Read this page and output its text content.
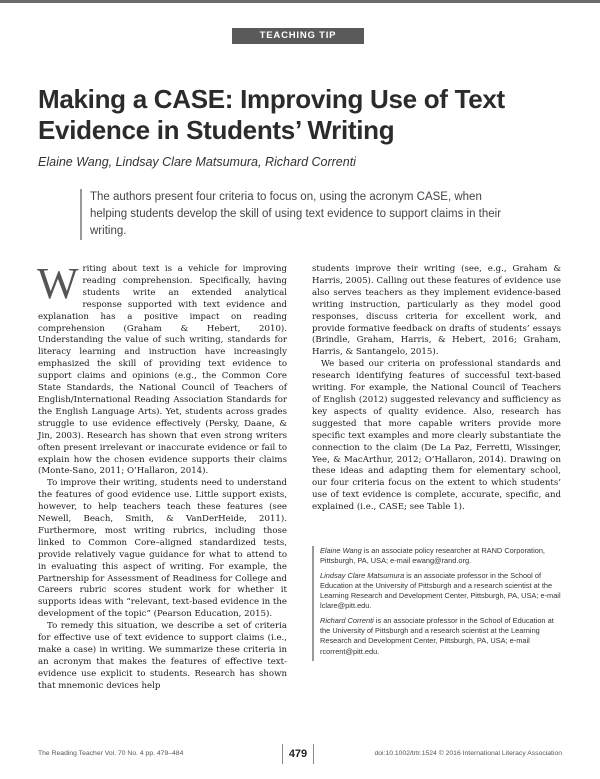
TEACHING TIP
Making a CASE: Improving Use of Text Evidence in Students’ Writing

Elaine Wang, Lindsay Clare Matsumura, Richard Correnti

The authors present four criteria to focus on, using the acronym CASE, when helping students develop the skill of using text evidence to support claims in their writing.

Writing about text is a vehicle for improving reading comprehension. Specifically, having students write an extended analytical response supported with text evidence and explanation has a positive impact on reading comprehension (Graham & Hebert, 2010). Understanding the value of such writing, standards for literacy learning and instruction have increasingly emphasized the skill of providing text evidence to support claims and opinions (e.g., the Common Core State Standards, the National Council of Teachers of English/International Reading Association Standards for the English Language Arts). Yet, students across grades struggle to use evidence effectively (Persky, Daane, & Jin, 2003). Research has shown that even strong writers often present irrelevant or inaccurate evidence or fail to explain how the chosen evidence supports their claims (Monte-Sano, 2011; O’Hallaron, 2014).

To improve their writing, students need to understand the features of good evidence use. Little support exists, however, to help teachers teach these features (see Newell, Beach, Smith, & VanDerHeide, 2011). Furthermore, most writing rubrics, including those linked to Common Core–aligned standardized tests, provide relatively vague guidance for what to attend to in evaluating this aspect of writing. For example, the Partnership for Assessment of Readiness for College and Careers rubric scores student work for whether it supports ideas with “relevant, text-based evidence in the development of the topic” (Pearson Education, 2015).

To remedy this situation, we describe a set of criteria for effective use of text evidence to support claims (i.e., make a case) in writing. We summarize these criteria in an acronym that makes the features of effective text-evidence use explicit to students. Research has shown that mnemonic devices help

students improve their writing (see, e.g., Graham & Harris, 2005). Calling out these features of evidence use also serves teachers as they implement evidence-based writing instruction, particularly as they model good responses, discuss criteria for excellent work, and provide formative feedback on drafts of students’ essays (Brindle, Graham, Harris, & Hebert, 2016; Graham, Harris, & Santangelo, 2015).

We based our criteria on professional standards and research identifying features of successful text-based writing. For example, the National Council of Teachers of English (2012) suggested relevancy and sufficiency as key aspects of quality evidence. Also, research has suggested that more capable writers provide more specific text examples and more clearly substantiate the connection to the claim (De La Paz, Ferretti, Wissinger, Yee, & MacArthur, 2012; O’Hallaron, 2014). Drawing on these ideas and adapting them for elementary school, our four criteria focus on the extent to which students’ use of text evidence is complete, accurate, specific, and explained (i.e., CASE; see Table 1).

Elaine Wang is an associate policy researcher at RAND Corporation, Pittsburgh, PA, USA; e-mail ewang@rand.org.

Lindsay Clare Matsumura is an associate professor in the School of Education at the University of Pittsburgh and a research scientist at the Learning Research and Development Center, Pittsburgh, PA, USA; e-mail lclare@pitt.edu.

Richard Correnti is an associate professor in the School of Education at the University of Pittsburgh and a research scientist at the Learning Research and Development Center, Pittsburgh, PA, USA; e-mail rcorrent@pitt.edu.

The Reading Teacher Vol. 70 No. 4 pp. 479–484	479	doi:10.1002/trtr.1524 © 2016 International Literacy Association
